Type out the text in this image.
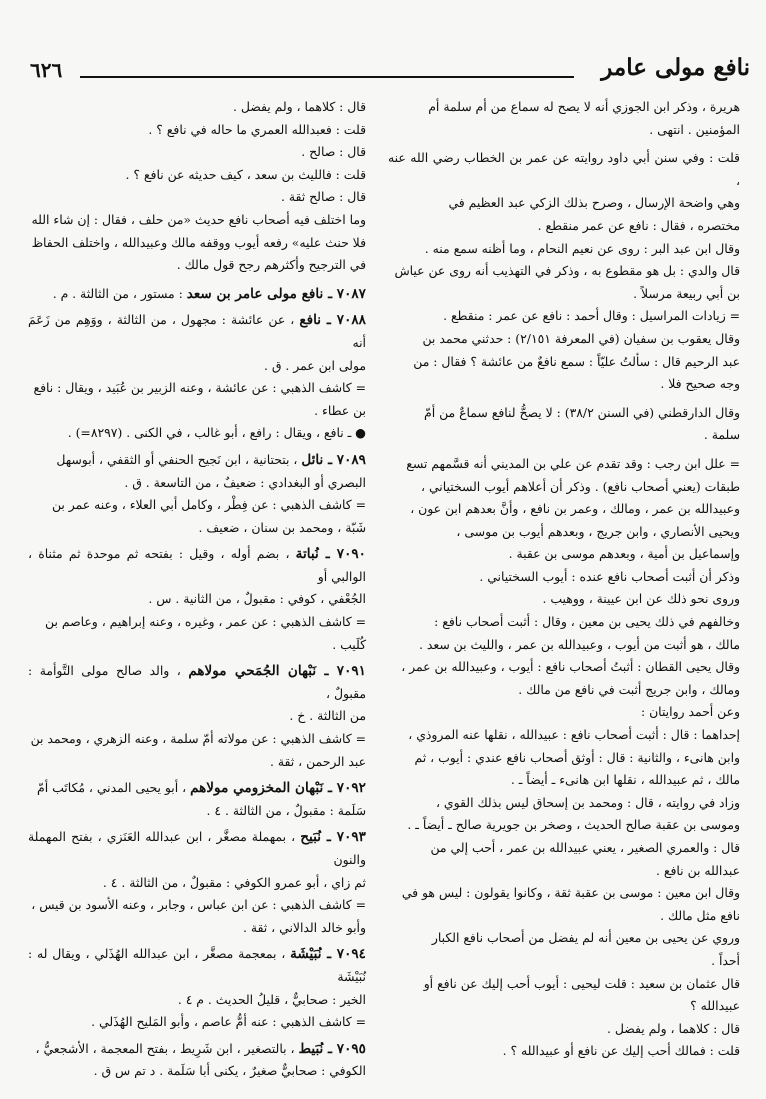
٦٢٦	نافع مولى عامر

هريرة ، وذكر ابن الجوزي أنه لا يصح له سماع من أم سلمة أم

المؤمنين . انتهى .

قلت : وفي سنن أبي داود روايته عن عمر بن الخطاب رضي الله عنه ،

وهي واضحة الإرسال ، وصرح بذلك الزكي عبد العظيم في

مختصره ، فقال : نافع عن عمر منقطع .

وقال ابن عبد البر : روى عن نعيم النحام ، وما أظنه سمع منه .

قال والدي : بل هو مقطوع به ، وذكر في التهذيب أنه روى عن عياش

بن أبي ربيعة مرسلاً .

= زيادات المراسيل : وقال أحمد : نافع عن عمر : منقطع .

وقال يعقوب بن سفيان (في المعرفة ٢/١٥١) : حدثني محمد بن

عبد الرحيم قال : سألتُ عليّاً : سمع نافعٌ من عائشة ؟ فقال : من

وجه صحيح فلا .

وقال الدارقطني (في السنن ٣٨/٢) : لا يصحُّ لنافع سماعٌ من أمّ

سلمة .

= علل ابن رجب : وقد تقدم عن علي بن المديني أنه قسَّمهم تسع

طبقات (يعني أصحاب نافع) . وذكر أن أعلاهم أيوب السختياني ،

وعبيدالله بن عمر ، ومالك ، وعمر بن نافع ، وأنَّ بعدهم ابن عون ،

ويحيى الأنصاري ، وابن جريج ، وبعدهم أيوب بن موسى ،

وإسماعيل بن أمية ، وبعدهم موسى بن عقبة .

وذكر أن أثبت أصحاب نافع عنده : أيوب السختياني .

وروى نحو ذلك عن ابن عيينة ، ووهيب .

وخالفهم في ذلك يحيى بن معين ، وقال : أثبت أصحاب نافع :

مالك ، هو أثبت من أيوب ، وعبيدالله بن عمر ، والليث بن سعد .

وقال يحيى القطان : أثبتُ أصحاب نافع : أيوب ، وعبيدالله بن عمر ،

ومالك ، وابن جريج أثبت في نافع من مالك .

وعن أحمد روايتان :

إحداهما : قال : أثبت أصحاب نافع : عبيدالله ، نقلها عنه المروذي ،

وابن هانىء ، والثانية : قال : أوثق أصحاب نافع عندي : أيوب ، ثم

مالك ، ثم عبيدالله ، نقلها ابن هانىء ـ أيضاً ـ .

وزاد في روايته ، قال : ومحمد بن إسحاق ليس بذلك القوي ،

وموسى بن عقبة صالح الحديث ، وصخر بن جويرية صالح ـ أيضاً ـ .

قال : والعمري الصغير ، يعني عبيدالله بن عمر ، أحب إلي من

عبدالله بن نافع .

وقال ابن معين : موسى بن عقبة ثقة ، وكانوا يقولون : ليس هو في

نافع مثل مالك .

وروي عن يحيى بن معين أنه لم يفضل من أصحاب نافع الكبار

أحداً .

قال عثمان بن سعيد : قلت ليحيى : أيوب أحب إليك عن نافع أو

عبيدالله ؟

قال : كلاهما ، ولم يفضل .

قلت : فمالك أحب إليك عن نافع أو عبيدالله ؟ .

قال : كلاهما ، ولم يفضل .

قلت : فعبدالله العمري ما حاله في نافع ؟ .

قال : صالح .

قلت : فالليث بن سعد ، كيف حديثه عن نافع ؟ .

قال : صالح ثقة .

وما اختلف فيه أصحاب نافع حديث «من حلف ، فقال : إن شاء الله

فلا حنث عليه» رفعه أيوب ووقفه مالك وعبيدالله ، واختلف الحفاظ

في الترجيح وأكثرهم رجح قول مالك .

٧٠٨٧ ـ نافع مولى عامر بن سعد : مستور ، من الثالثة . م .

٧٠٨٨ ـ نافع ، عن عائشة : مجهول ، من الثالثة ، ووَهِم من زَعَمَ أنه

مولى ابن عمر . ق .

= كاشف الذهبي : عن عائشة ، وعنه الزبير بن عُبَيد ، ويقال : نافع

بن عطاء .

● ـ نافع ، ويقال : رافع ، أبو غالب ، في الكنى . (٨٢٩٧=) .

٧٠٨٩ ـ نائل ، بتحتانية ، ابن نَجيح الحنفي أو الثقفي ، أبوسهل

البصري أو البغدادي : ضعيفٌ ، من التاسعة . ق .

= كاشف الذهبي : عن فِطْر ، وكامل أبي العلاء ، وعنه عمر بن

شَبّة ، ومحمد بن سنان ، ضعيف .

٧٠٩٠ ـ نُباتة ، بضم أوله ، وقيل : بفتحه ثم موحدة ثم مثناة ، الوالبي أو

الجُعْفي ، كوفي : مقبولٌ ، من الثانية . س .

= كاشف الذهبي : عن عمر ، وغيره ، وعنه إبراهيم ، وعاصم بن

كُلَيب .

٧٠٩١ ـ نَبْهان الجُمَحي مولاهم ، والد صالح مولى التَّوأمة : مقبولٌ ،

من الثالثة . خ .

= كاشف الذهبي : عن مولاته أمّ سلمة ، وعنه الزهري ، ومحمد بن

عبد الرحمن ، ثقة .

٧٠٩٢ ـ نَبْهان المخزومي مولاهم ، أبو يحيى المدني ، مُكاتَب أمّ

سَلَمة : مقبولٌ ، من الثالثة . ٤ .

٧٠٩٣ ـ نُبَيح ، بمهملة مصغَّر ، ابن عبدالله العَنَزي ، بفتح المهملة والنون

ثم زاي ، أبو عمرو الكوفي : مقبولٌ ، من الثالثة . ٤ .

= كاشف الذهبي : عن ابن عباس ، وجابر ، وعنه الأسود بن قيس ،

وأبو خالد الدالاني ، ثقة .

٧٠٩٤ ـ نُبَيْشَة ، بمعجمة مصغَّر ، ابن عبدالله الهُذَلي ، ويقال له : نُبَيْشَة

الخير : صحابيٌّ ، قليلُ الحديث . م ٤ .

= كاشف الذهبي : عنه أمُّ عاصم ، وأبو المَليح الهُذَلي .

٧٠٩٥ ـ نُبَيط ، بالتصغير ، ابن شَرِيط ، بفتح المعجمة ، الأشجعيُّ ،

الكوفي : صحابيٌّ صغيرٌ ، يكنى أبا سَلَمة . د تم س ق .
